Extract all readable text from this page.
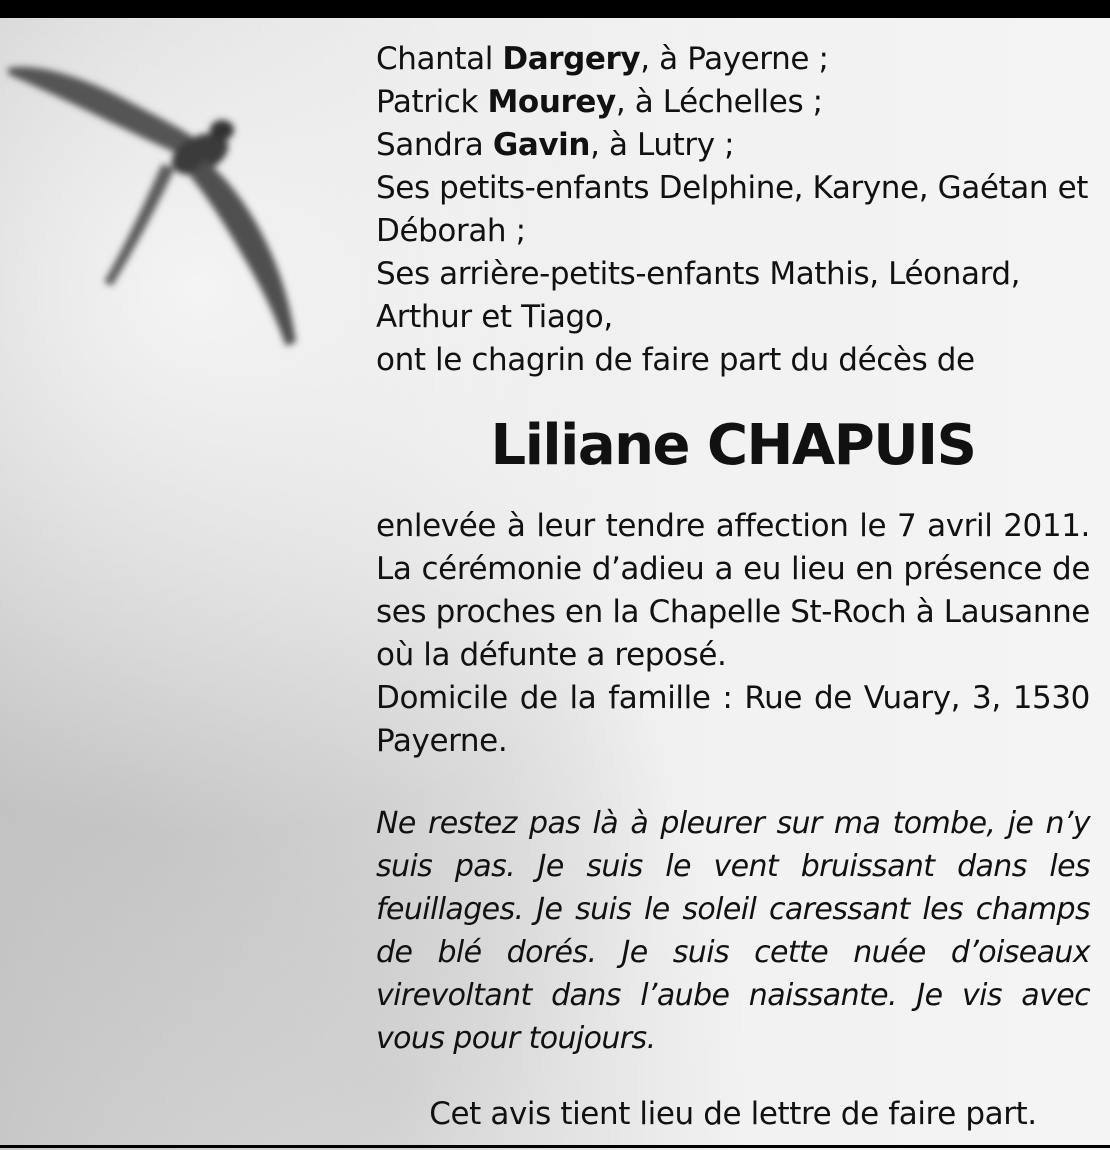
Chantal Dargery, à Payerne ;
Patrick Mourey, à Léchelles ;
Sandra Gavin, à Lutry ;
Ses petits-enfants Delphine, Karyne, Gaétan et
Déborah ;
Ses arrière-petits-enfants Mathis, Léonard,
Arthur et Tiago,
ont le chagrin de faire part du décès de
Liliane CHAPUIS

enlevée à leur tendre affection le 7 avril 2011. La cérémonie d’adieu a eu lieu en présence de ses proches en la Chapelle St-Roch à Lausanne où la défunte a reposé.

Domicile de la famille : Rue de Vuary, 3, 1530 Payerne.

Ne restez pas là à pleurer sur ma tombe, je n’y suis pas. Je suis le vent bruissant dans les feuillages. Je suis le soleil caressant les champs de blé dorés. Je suis cette nuée d’oiseaux virevoltant dans l’aube naissante. Je vis avec vous pour toujours.

Cet avis tient lieu de lettre de faire part.
